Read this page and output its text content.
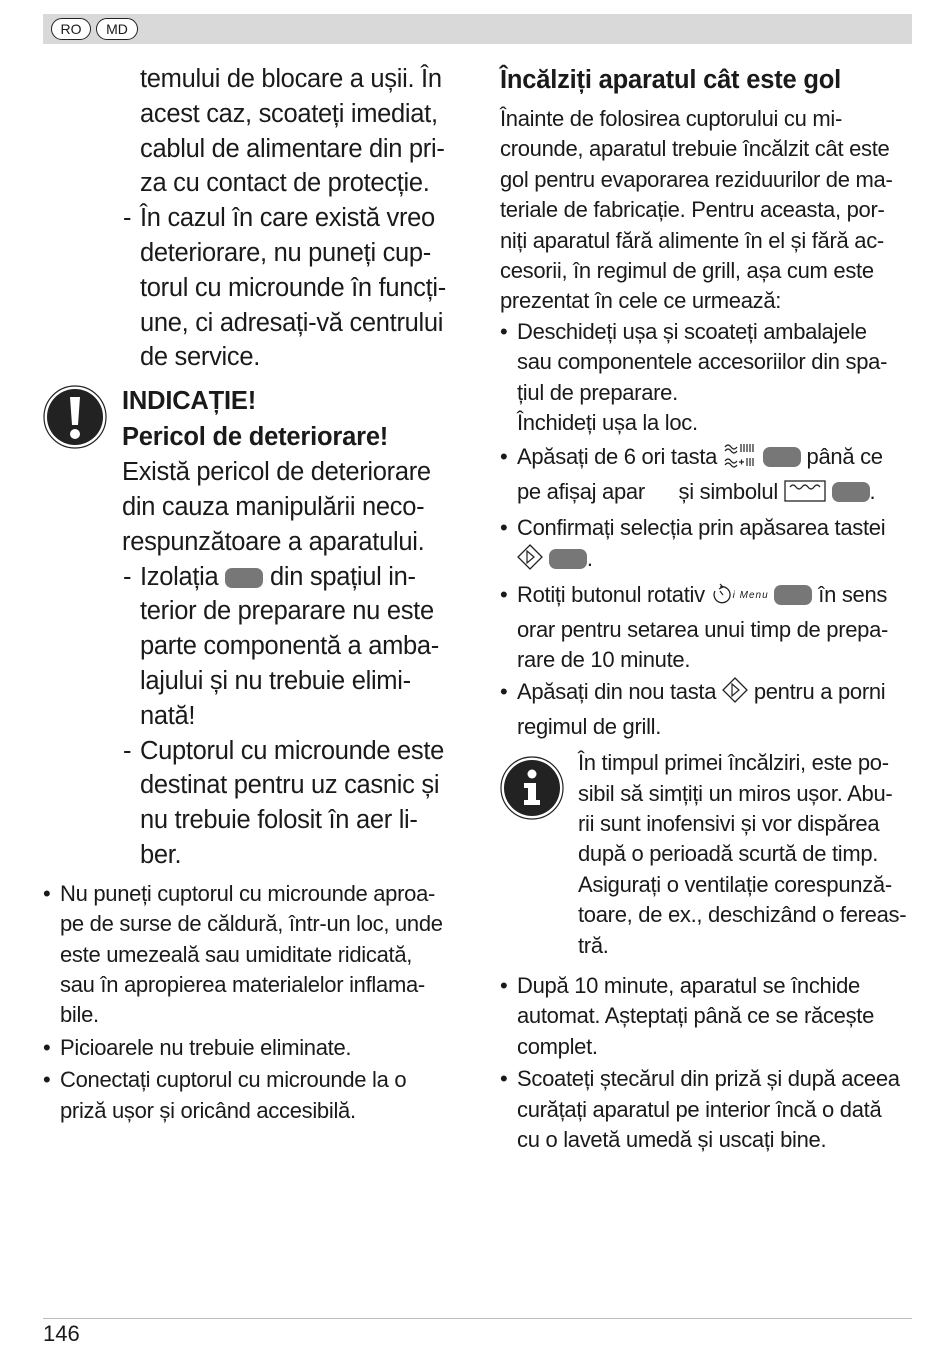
RO	MD
temului de blocare a ușii. În
acest caz, scoateți imediat,
cablul de alimentare din pri-
za cu contact de protecție.
- În cazul în care există vreo
deteriorare, nu puneți cup-
torul cu microunde în funcți-
une, ci adresați-vă centrului
de service.
INDICAȚIE!
Pericol de deteriorare!
Există pericol de deteriorare
din cauza manipulării neco-
respunzătoare a aparatului.
- Izolația din spațiul in-
terior de preparare nu este
parte componentă a amba-
lajului și nu trebuie elimi-
nată!
- Cuptorul cu microunde este
destinat pentru uz casnic și
nu trebuie folosit în aer li-
ber.
• Nu puneți cuptorul cu microunde aproa-
pe de surse de căldură, într-un loc, unde
este umezeală sau umiditate ridicată,
sau în apropierea materialelor inflama-
bile.
• Picioarele nu trebuie eliminate.
• Conectați cuptorul cu microunde la o
priză ușor și oricând accesibilă.
Încălziți aparatul cât este gol
Înainte de folosirea cuptorului cu mi-
crounde, aparatul trebuie încălzit cât este
gol pentru evaporarea reziduurilor de ma-
teriale de fabricație. Pentru aceasta, por-
niți aparatul fără alimente în el și fără ac-
cesorii, în regimul de grill, așa cum este
prezentat în cele ce urmează:
• Deschideți ușa și scoateți ambalajele
sau componentele accesoriilor din spa-
țiul de preparare.
Închideți ușa la loc.
• Apăsați de 6 ori tasta	până ce
pe afișaj apar și simbolul	.
• Confirmați selecția prin apăsarea tastei
.
• Rotiți butonul rotativ	i Menu în sens
orar pentru setarea unui timp de prepa-
rare de 10 minute.
• Apăsați din nou tasta pentru a porni
regimul de grill.
În timpul primei încălziri, este po-
sibil să simțiți un miros ușor. Abu-
rii sunt inofensivi și vor dispărea
după o perioadă scurtă de timp.
Asigurați o ventilație corespunză-
toare, de ex., deschizând o fereas-
tră.
• După 10 minute, aparatul se închide
automat. Așteptați până ce se răcește
complet.
• Scoateți ștecărul din priză și după aceea
curățați aparatul pe interior încă o dată
cu o lavetă umedă și uscați bine.
146
